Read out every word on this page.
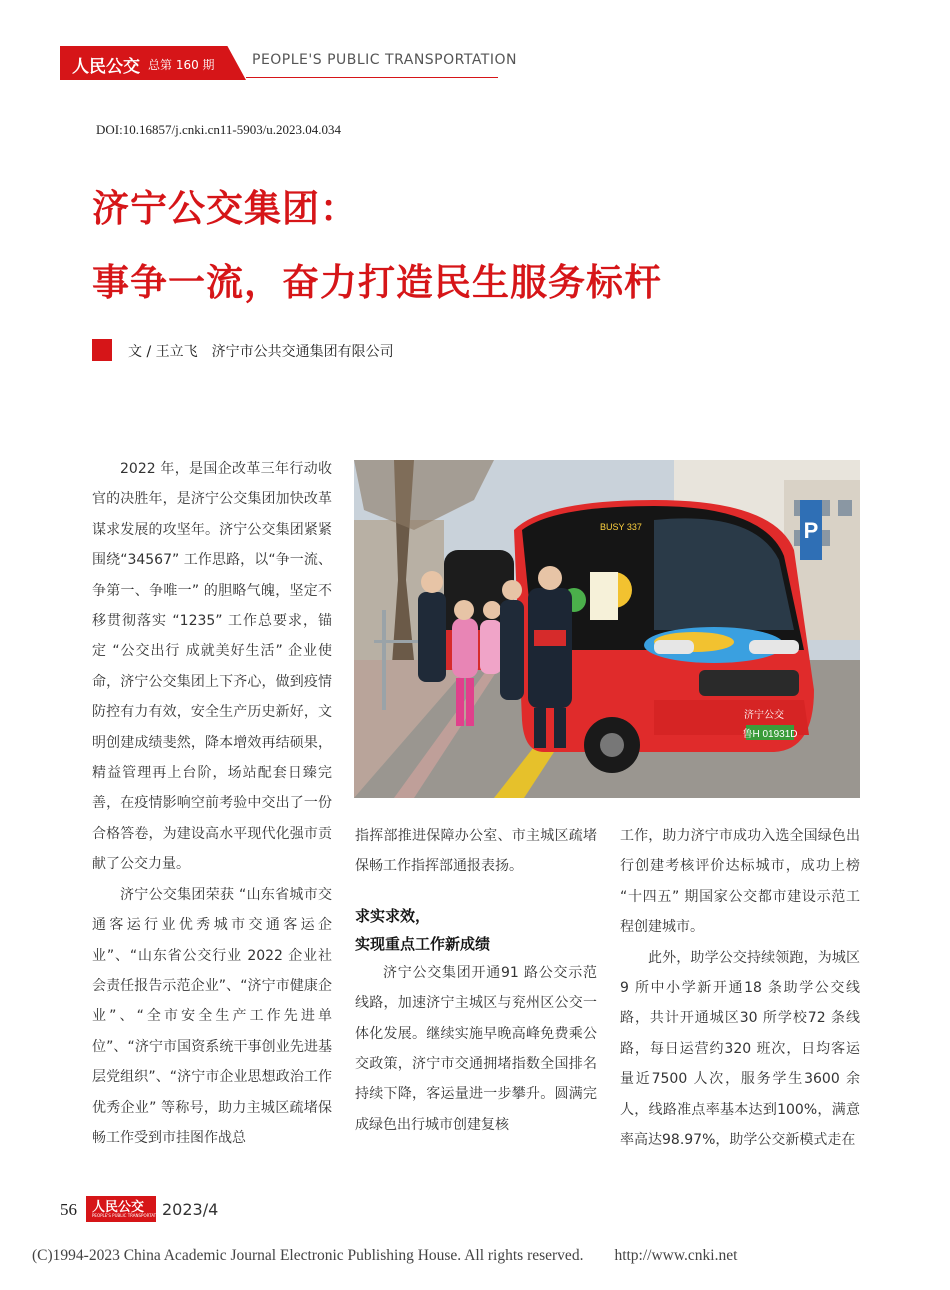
人民公交 总第 160 期	PEOPLE'S PUBLIC TRANSPORTATION
DOI:10.16857/j.cnki.cn11-5903/u.2023.04.034
济宁公交集团：
事争一流，奋力打造民生服务标杆
文 / 王立飞　济宁市公共交通集团有限公司

2022 年，是国企改革三年行动收官的决胜年，是济宁公交集团加快改革谋求发展的攻坚年。济宁公交集团紧紧围绕“34567” 工作思路，以“争一流、争第一、争唯一” 的胆略气魄，坚定不移贯彻落实 “1235” 工作总要求，锚定 “公交出行 成就美好生活” 企业使命，济宁公交集团上下齐心，做到疫情防控有力有效，安全生产历史新好，文明创建成绩斐然，降本增效再结硕果，精益管理再上台阶，场站配套日臻完善，在疫情影响空前考验中交出了一份合格答卷，为建设高水平现代化强市贡献了公交力量。

济宁公交集团荣获 “山东省城市交通客运行业优秀城市交通客运企业”、“山东省公交行业 2022 企业社会责任报告示范企业”、“济宁市健康企业”、“全市安全生产工作先进单位”、“济宁市国资系统干事创业先进基层党组织”、“济宁市企业思想政治工作优秀企业” 等称号，助力主城区疏堵保畅工作受到市挂图作战总

P
鲁H 01931D
BUSY 337
济宁公交

指挥部推进保障办公室、市主城区疏堵保畅工作指挥部通报表扬。

求实求效，
实现重点工作新成绩

济宁公交集团开通91 路公交示范线路，加速济宁主城区与兖州区公交一体化发展。继续实施早晚高峰免费乘公交政策，济宁市交通拥堵指数全国排名持续下降，客运量进一步攀升。圆满完成绿色出行城市创建复核

工作，助力济宁市成功入选全国绿色出行创建考核评价达标城市，成功上榜 “十四五” 期国家公交都市建设示范工程创建城市。

此外，助学公交持续领跑，为城区9 所中小学新开通18 条助学公交线路，共计开通城区30 所学校72 条线路，每日运营约320 班次，日均客运量近7500 人次，服务学生3600 余人，线路准点率基本达到100%，满意率高达98.97%，助学公交新模式走在

56 人民公交
PEOPLE'S PUBLIC TRANSPORTATION
2023/4
(C)1994-2023 China Academic Journal Electronic Publishing House. All rights reserved.　　http://www.cnki.net
